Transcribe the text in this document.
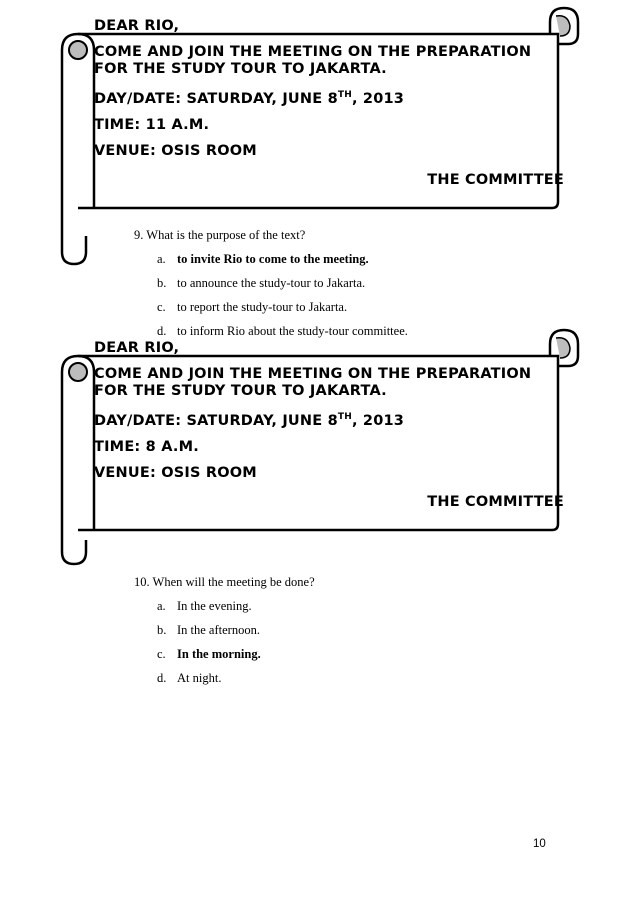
DEAR RIO,

COME AND JOIN THE MEETING ON THE PREPARATION FOR THE STUDY TOUR TO JAKARTA.

DAY/DATE: SATURDAY, JUNE 8TH, 2013

TIME: 11 A.M.

VENUE: OSIS ROOM

THE COMMITTEE

9. What is the purpose of the text?

a. to invite Rio to come to the meeting.
b. to announce the study-tour to Jakarta.
c. to report the study-tour to Jakarta.
d. to inform Rio about the study-tour committee.

DEAR RIO,

COME AND JOIN THE MEETING ON THE PREPARATION FOR THE STUDY TOUR TO JAKARTA.

DAY/DATE: SATURDAY, JUNE 8TH, 2013

TIME: 8 A.M.

VENUE: OSIS ROOM

THE COMMITTEE

10. When will the meeting be done?

a. In the evening.
b. In the afternoon.
c. In the morning.
d. At night.
10
